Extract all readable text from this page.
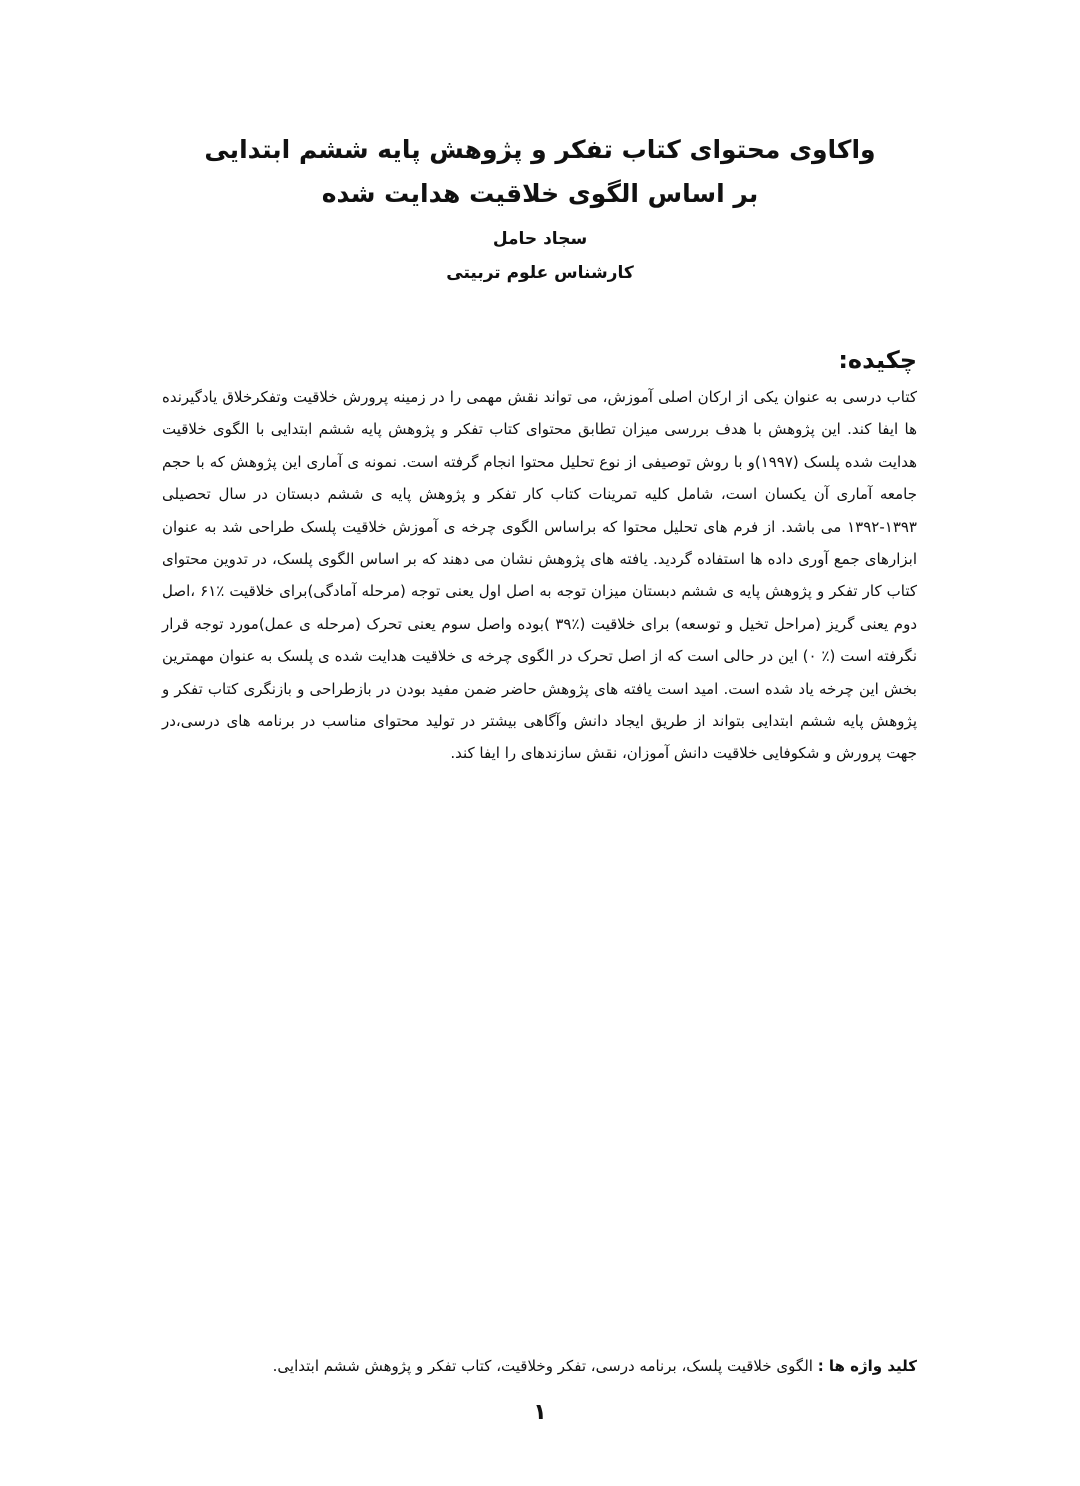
واکاوی محتوای کتاب تفکر و پژوهش پایه ششم ابتدایی
بر اساس الگوی خلاقیت هدایت شده
سجاد حامل
کارشناس علوم تربیتی
چکیده:

کتاب درسی به عنوان یکی از ارکان اصلی آموزش، می تواند نقش مهمی را در زمینه پرورش خلاقیت وتفکرخلاق یادگیرنده ها ایفا کند. این پژوهش با هدف بررسی میزان تطابق محتوای کتاب تفکر و پژوهش پایه ششم ابتدایی با الگوی خلاقیت هدایت شده پلسک (۱۹۹۷)و با روش توصیفی از نوع تحلیل محتوا انجام گرفته است. نمونه ی آماری این پژوهش که با حجم جامعه آماری آن یکسان است، شامل کلیه تمرینات کتاب کار تفکر و پژوهش پایه ی ششم دبستان در سال تحصیلی ۱۳۹۳-۱۳۹۲ می باشد. از فرم های تحلیل محتوا که براساس الگوی چرخه ی آموزش خلاقیت پلسک طراحی شد به عنوان ابزارهای جمع آوری داده ها استفاده گردید. یافته های پژوهش نشان می دهند که بر اساس الگوی پلسک، در تدوین محتوای کتاب کار تفکر و پژوهش پایه ی ششم دبستان میزان توجه به اصل اول یعنی توجه (مرحله آمادگی)برای خلاقیت ٪۶۱ ،اصل دوم یعنی گریز (مراحل تخیل و توسعه) برای خلاقیت (٪۳۹ )بوده واصل سوم یعنی تحرک (مرحله ی عمل)مورد توجه قرار نگرفته است (٪ ۰) این در حالی است که از اصل تحرک در الگوی چرخه ی خلاقیت هدایت شده ی پلسک به عنوان مهمترین بخش این چرخه یاد شده است. امید است یافته های پژوهش حاضر ضمن مفید بودن در بازطراحی و بازنگری کتاب تفکر و پژوهش پایه ششم ابتدایی بتواند از طریق ایجاد دانش وآگاهی بیشتر در تولید محتوای مناسب در برنامه های درسی،در جهت پرورش و شکوفایی خلاقیت دانش آموزان، نقش سازندهای را ایفا کند.

کلید واژه ها : الگوی خلاقیت پلسک، برنامه درسی، تفکر وخلاقیت، کتاب تفکر و پژوهش ششم ابتدایی.
۱
